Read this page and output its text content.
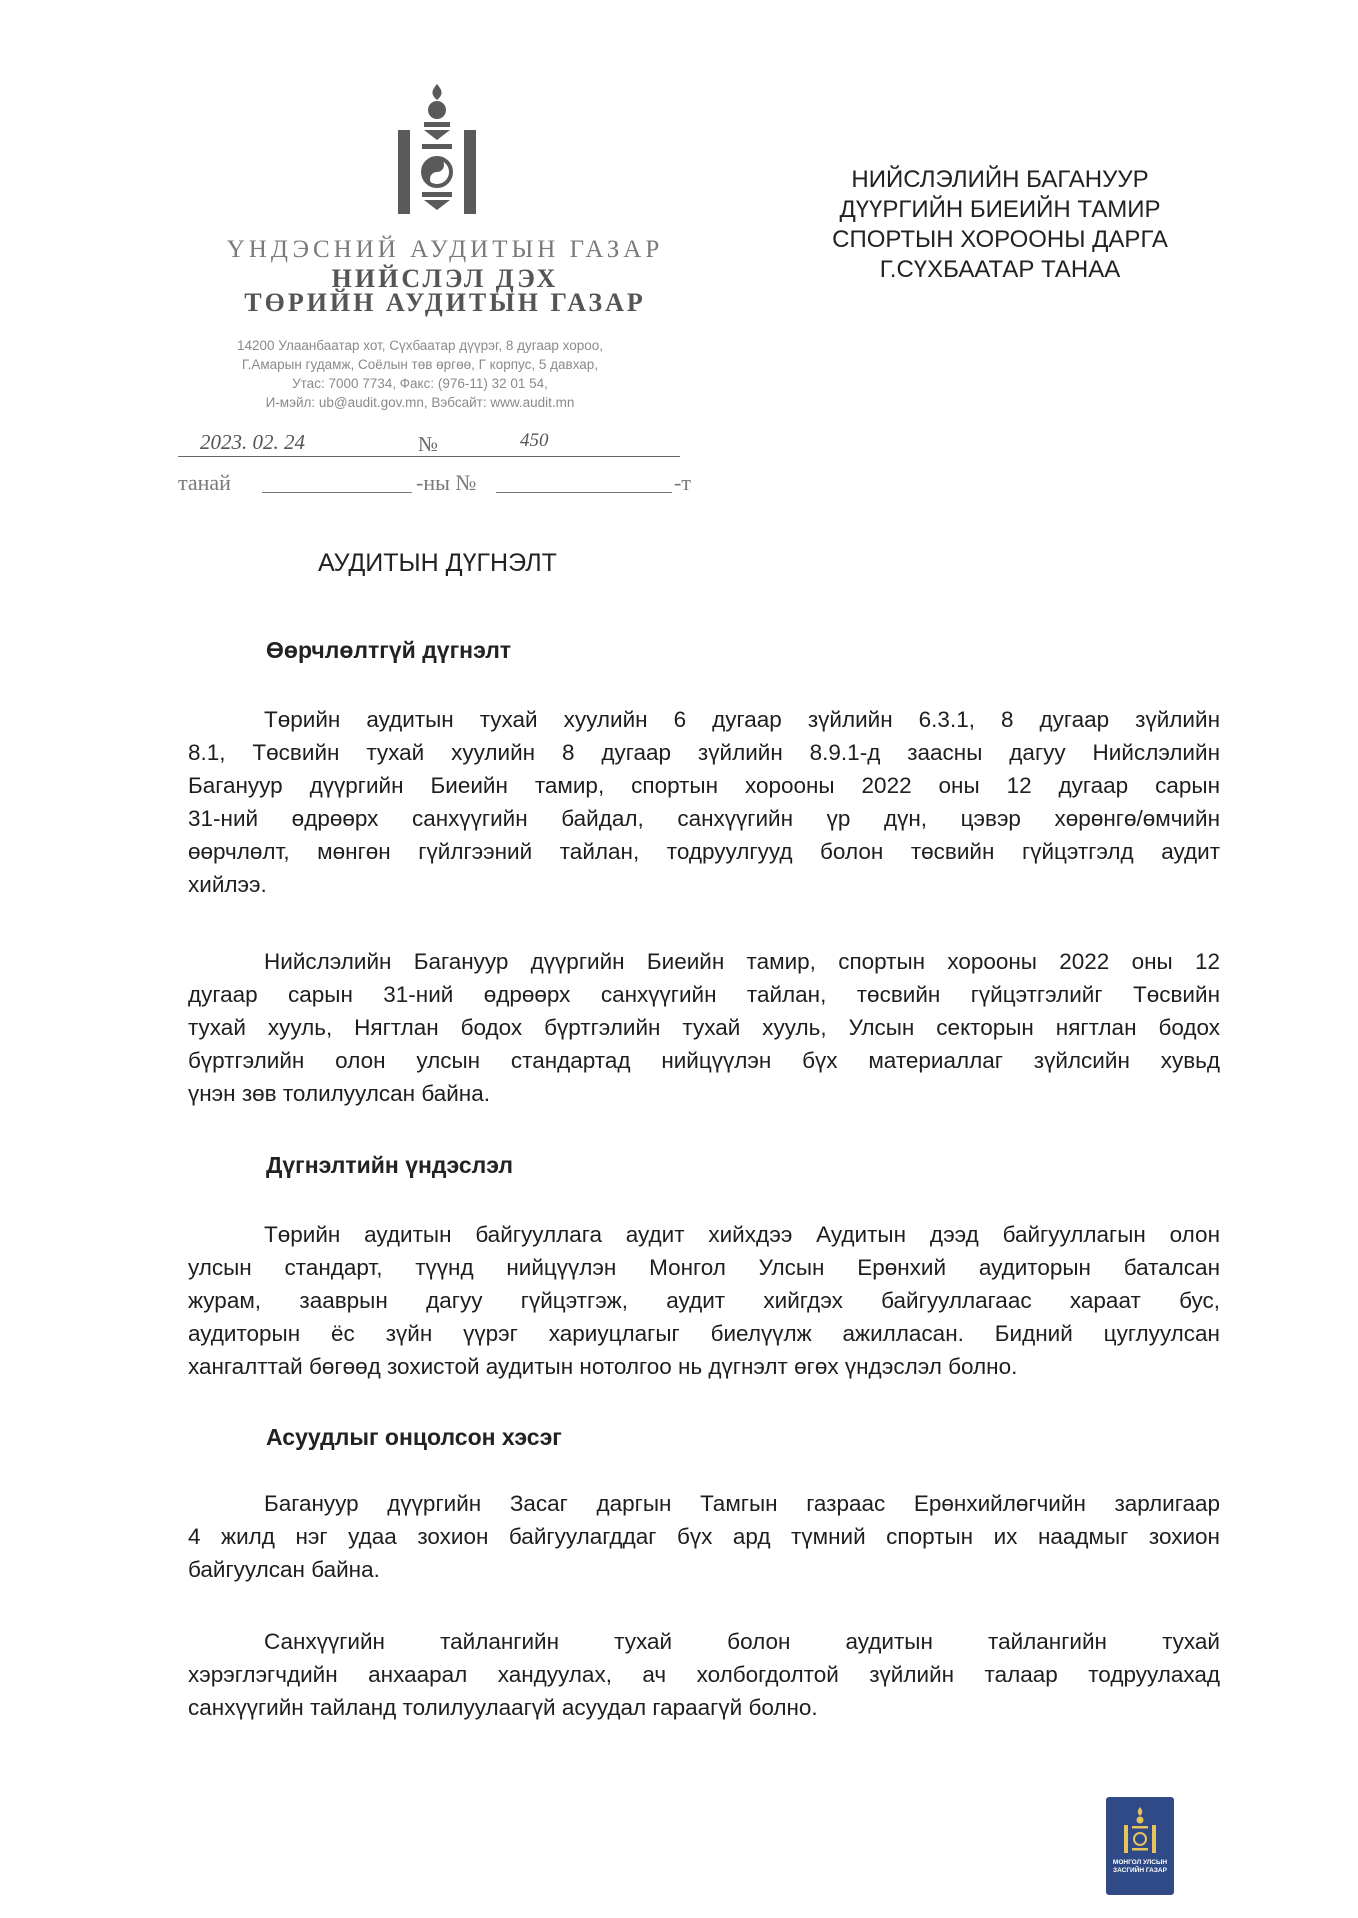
ҮНДЭСНИЙ АУДИТЫН ГАЗАР
НИЙСЛЭЛ ДЭХ
ТӨРИЙН АУДИТЫН ГАЗАР
14200 Улаанбаатар хот, Сүхбаатар дүүрэг, 8 дугаар хороо,
Г.Амарын гудамж, Соёлын төв өргөө, Г корпус, 5 давхар,
Утас: 7000 7734, Факс: (976-11) 32 01 54,
И-мэйл: ub@audit.gov.mn, Вэбсайт: www.audit.mn
2023. 02. 24	№	450
танай	-ны №	-т
НИЙСЛЭЛИЙН БАГАНУУР
ДҮҮРГИЙН БИЕИЙН ТАМИР
СПОРТЫН ХОРООНЫ ДАРГА
Г.СҮХБААТАР ТАНАА
АУДИТЫН ДҮГНЭЛТ
Өөрчлөлтгүй дүгнэлт
Төрийн аудитын тухай хуулийн 6 дугаар зүйлийн 6.3.1, 8 дугаар зүйлийн
8.1, Төсвийн тухай хуулийн 8 дугаар зүйлийн 8.9.1-д заасны дагуу Нийслэлийн
Багануур дүүргийн Биеийн тамир, спортын хорооны 2022 оны 12 дугаар сарын
31-ний өдрөөрх санхүүгийн байдал, санхүүгийн үр дүн, цэвэр хөрөнгө/өмчийн
өөрчлөлт, мөнгөн гүйлгээний тайлан, тодруулгууд болон төсвийн гүйцэтгэлд аудит
хийлээ.
Нийслэлийн Багануур дүүргийн Биеийн тамир, спортын хорооны 2022 оны 12
дугаар сарын 31-ний өдрөөрх санхүүгийн тайлан, төсвийн гүйцэтгэлийг Төсвийн
тухай хууль, Нягтлан бодох бүртгэлийн тухай хууль, Улсын секторын нягтлан бодох
бүртгэлийн олон улсын стандартад нийцүүлэн бүх материаллаг зүйлсийн хувьд
үнэн зөв толилуулсан байна.
Дүгнэлтийн үндэслэл
Төрийн аудитын байгууллага аудит хийхдээ Аудитын дээд байгууллагын олон
улсын стандарт, түүнд нийцүүлэн Монгол Улсын Ерөнхий аудиторын баталсан
журам, зааврын дагуу гүйцэтгэж, аудит хийгдэх байгууллагаас хараат бус,
аудиторын ёс зүйн үүрэг хариуцлагыг биелүүлж ажилласан. Бидний цуглуулсан
хангалттай бөгөөд зохистой аудитын нотолгоо нь дүгнэлт өгөх үндэслэл болно.
Асуудлыг онцолсон хэсэг
Багануур дүүргийн Засаг даргын Тамгын газраас Ерөнхийлөгчийн зарлигаар
4 жилд нэг удаа зохион байгуулагддаг бүх ард түмний спортын их наадмыг зохион
байгуулсан байна.
Санхүүгийн тайлангийн тухай болон аудитын тайлангийн тухай
хэрэглэгчдийн анхаарал хандуулах, ач холбогдолтой зүйлийн талаар тодруулахад
санхүүгийн тайланд толилуулаагүй асуудал гараагүй болно.
МОНГОЛ УЛСЫН
ЗАСГИЙН ГАЗАР
